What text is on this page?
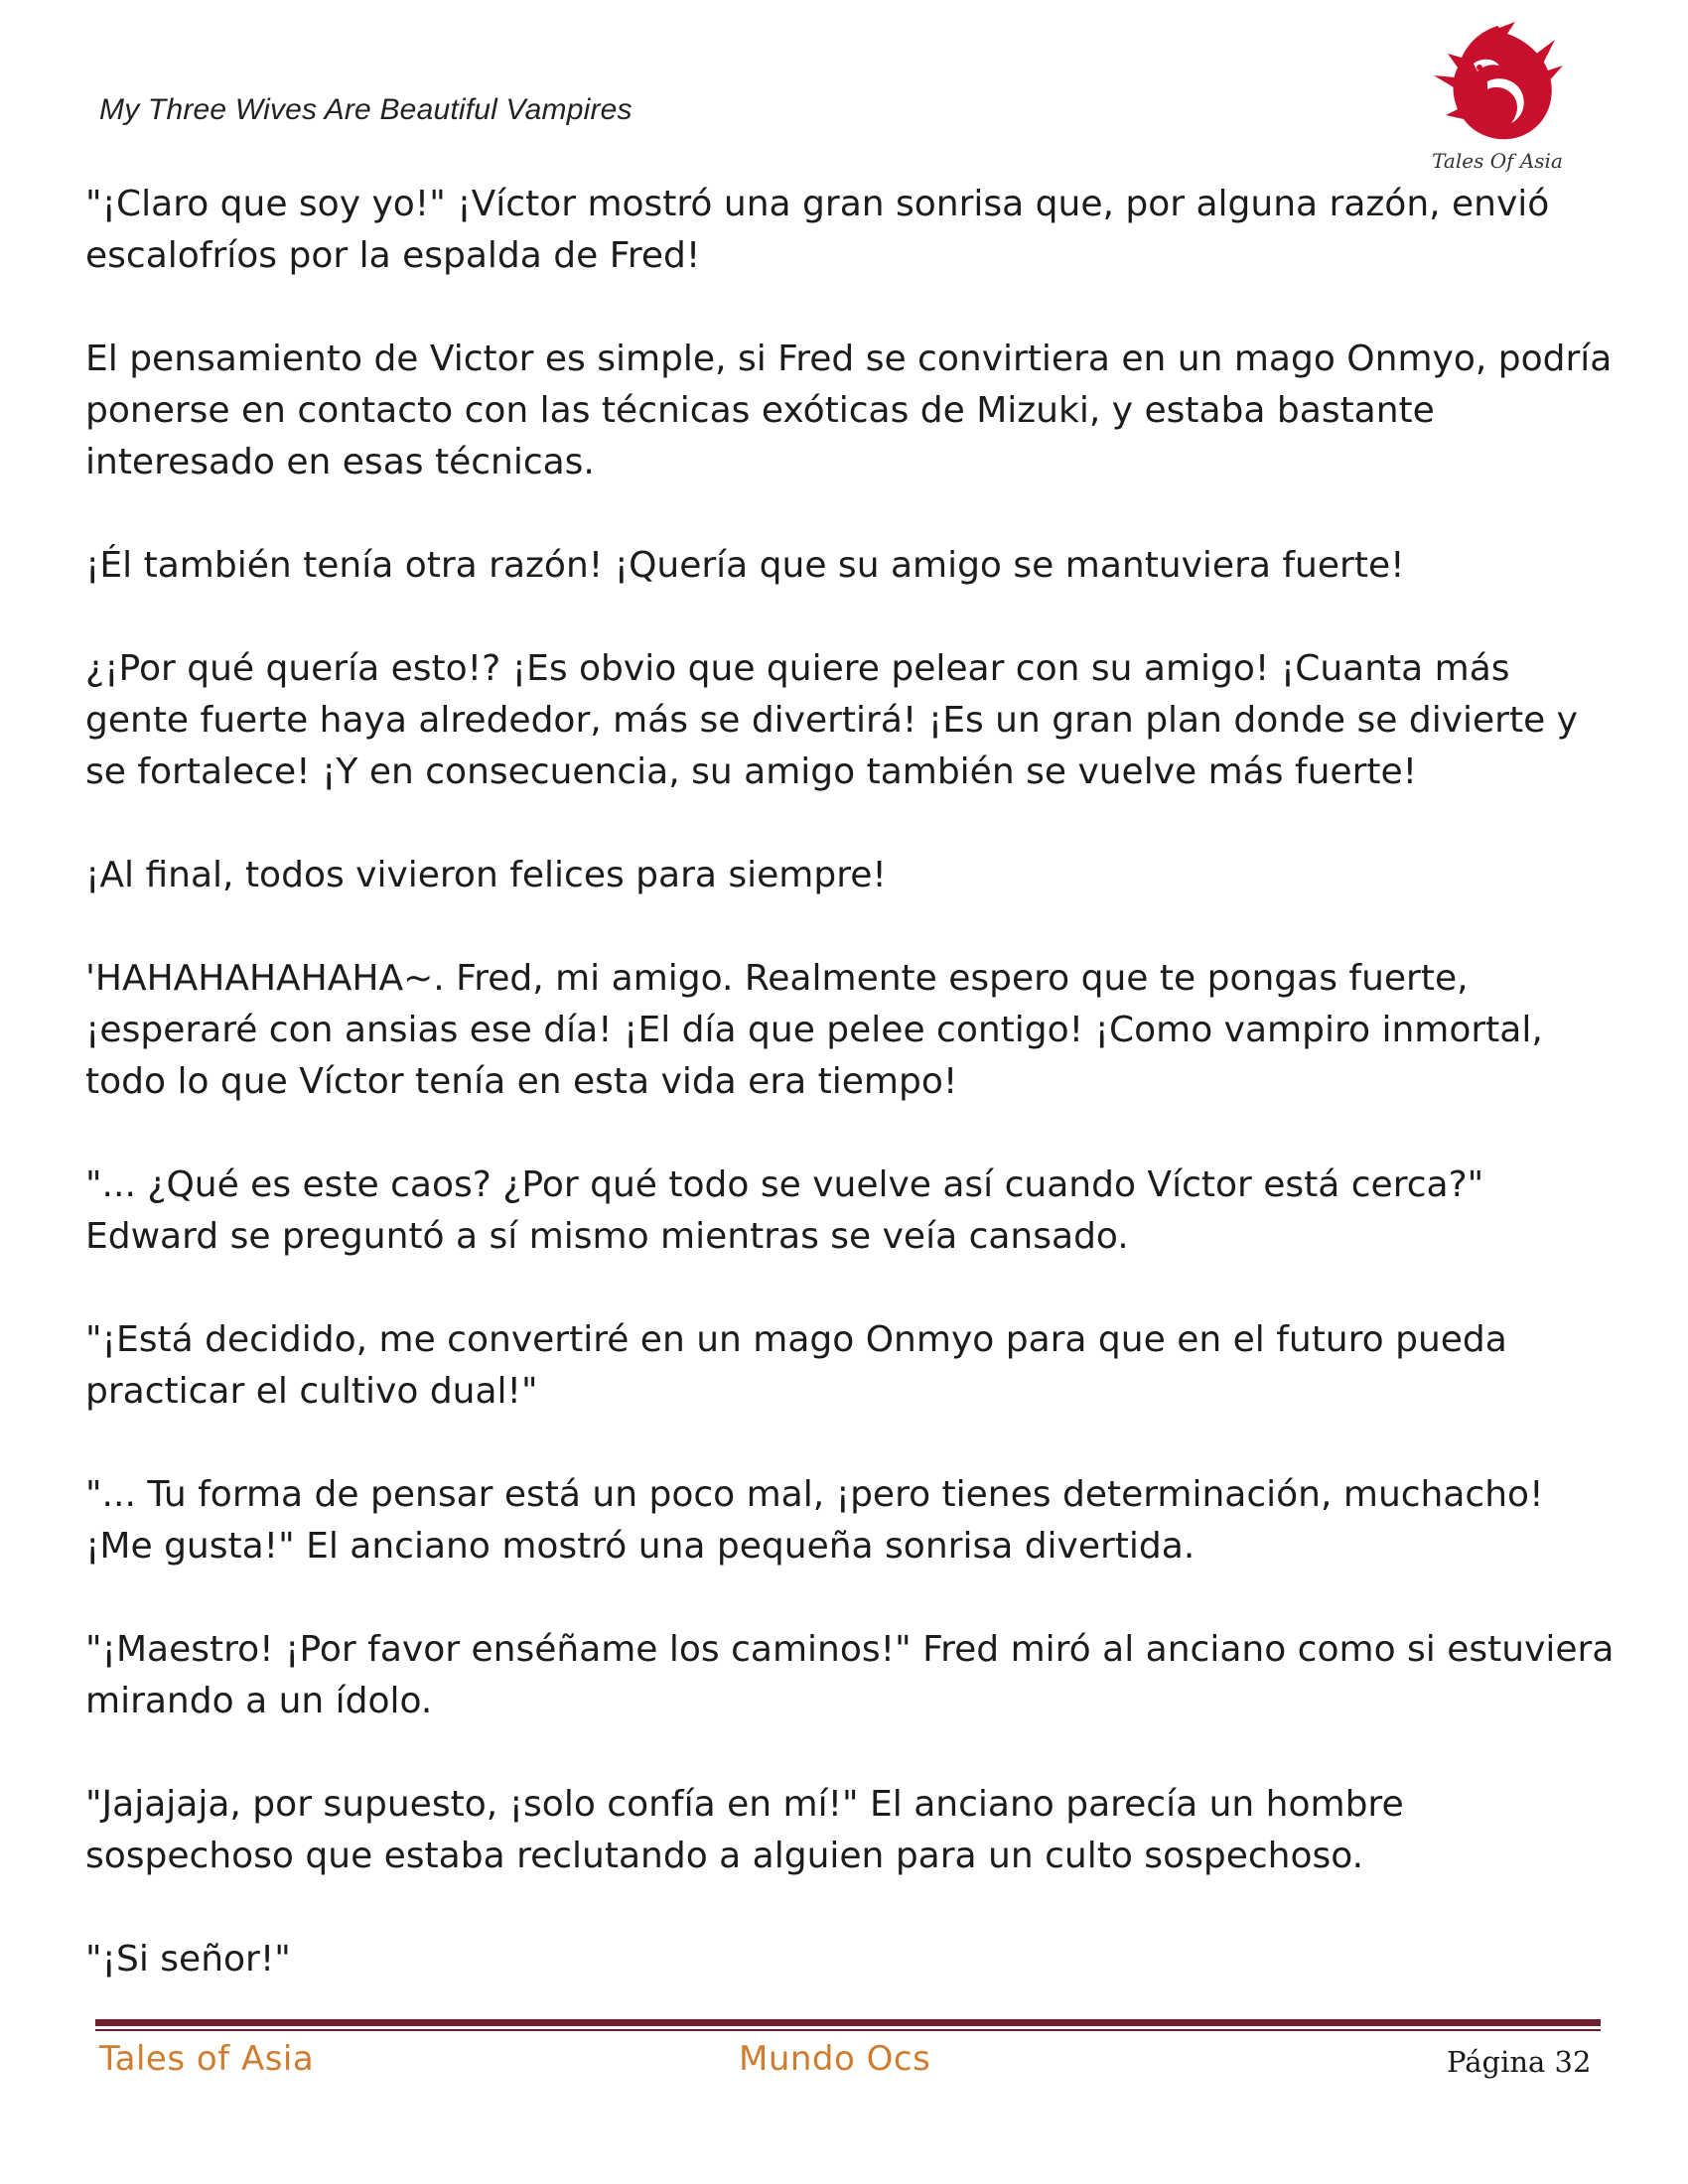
My Three Wives Are Beautiful Vampires
Tales Of Asia

"¡Claro que soy yo!" ¡Víctor mostró una gran sonrisa que, por alguna razón, envió escalofríos por la espalda de Fred!

El pensamiento de Victor es simple, si Fred se convirtiera en un mago Onmyo, podría ponerse en contacto con las técnicas exóticas de Mizuki, y estaba bastante interesado en esas técnicas.

¡Él también tenía otra razón! ¡Quería que su amigo se mantuviera fuerte!

¿¡Por qué quería esto!? ¡Es obvio que quiere pelear con su amigo! ¡Cuanta más gente fuerte haya alrededor, más se divertirá! ¡Es un gran plan donde se divierte y se fortalece! ¡Y en consecuencia, su amigo también se vuelve más fuerte!

¡Al final, todos vivieron felices para siempre!

'HAHAHAHAHAHA~. Fred, mi amigo. Realmente espero que te pongas fuerte, ¡esperaré con ansias ese día! ¡El día que pelee contigo! ¡Como vampiro inmortal, todo lo que Víctor tenía en esta vida era tiempo!

"... ¿Qué es este caos? ¿Por qué todo se vuelve así cuando Víctor está cerca?" Edward se preguntó a sí mismo mientras se veía cansado.

"¡Está decidido, me convertiré en un mago Onmyo para que en el futuro pueda practicar el cultivo dual!"

"... Tu forma de pensar está un poco mal, ¡pero tienes determinación, muchacho! ¡Me gusta!" El anciano mostró una pequeña sonrisa divertida.

"¡Maestro! ¡Por favor enséñame los caminos!" Fred miró al anciano como si estuviera mirando a un ídolo.

"Jajajaja, por supuesto, ¡solo confía en mí!" El anciano parecía un hombre sospechoso que estaba reclutando a alguien para un culto sospechoso.

"¡Si señor!"

Tales of Asia	Mundo Ocs	Página 32
